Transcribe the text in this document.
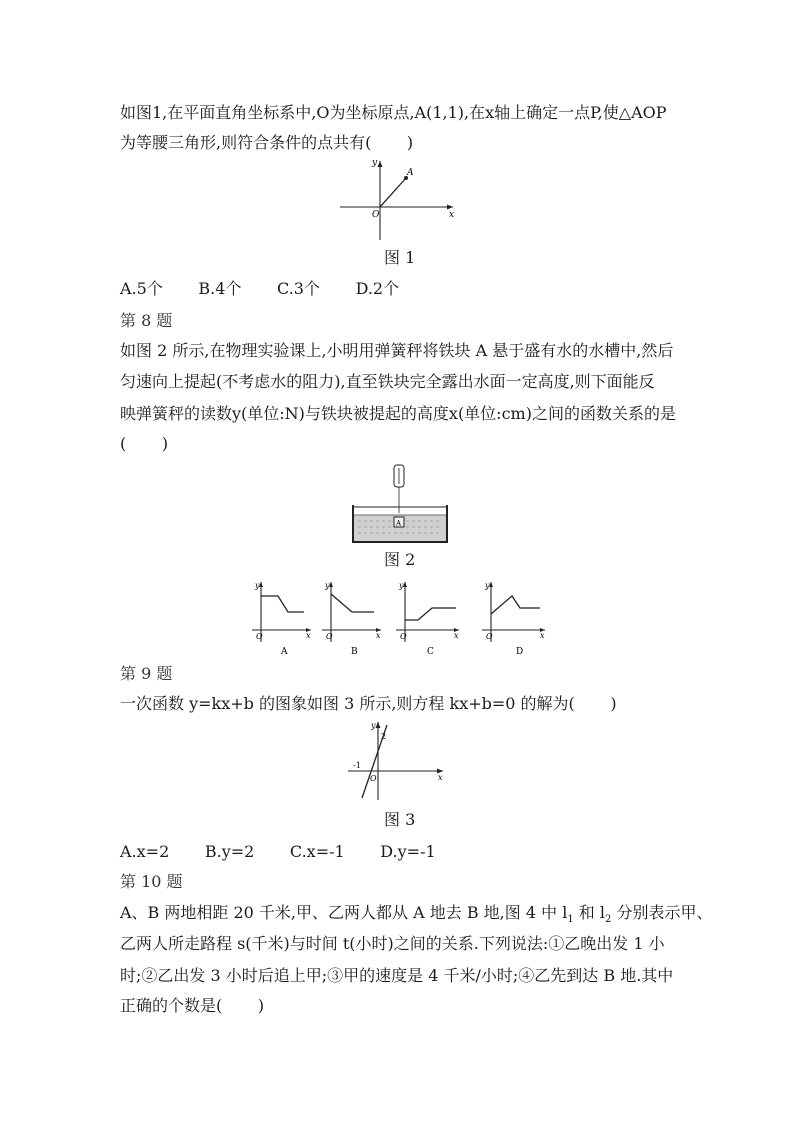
如图1,在平面直角坐标系中,O为坐标原点,A(1,1),在x轴上确定一点P,使△AOP
为等腰三角形,则符合条件的点共有(       )
A
y
O	x
图 1
A.5个       B.4个       C.3个       D.2个
第 8 题
如图 2 所示,在物理实验课上,小明用弹簧秤将铁块 A 悬于盛有水的水槽中,然后
匀速向上提起(不考虑水的阻力),直至铁块完全露出水面一定高度,则下面能反
映弹簧秤的读数y(单位:N)与铁块被提起的高度x(单位:cm)之间的函数关系的是
(       )
A
图 2
y
O	x
A
y
O	x
B
y
O	x
C
y
O	x
D
第 9 题
一次函数 y=kx+b 的图象如图 3 所示,则方程 kx+b=0 的解为(       )
y
2
-1
O	x
图 3
A.x=2       B.y=2       C.x=-1       D.y=-1
第 10 题
A、B 两地相距 20 千米,甲、乙两人都从 A 地去 B 地,图 4 中 $l_1$ 和 $l_2$ 分别表示甲、
乙两人所走路程 s(千米)与时间 t(小时)之间的关系.下列说法:①乙晚出发 1 小
时;②乙出发 3 小时后追上甲;③甲的速度是 4 千米/小时;④乙先到达 B 地.其中
正确的个数是(       )
